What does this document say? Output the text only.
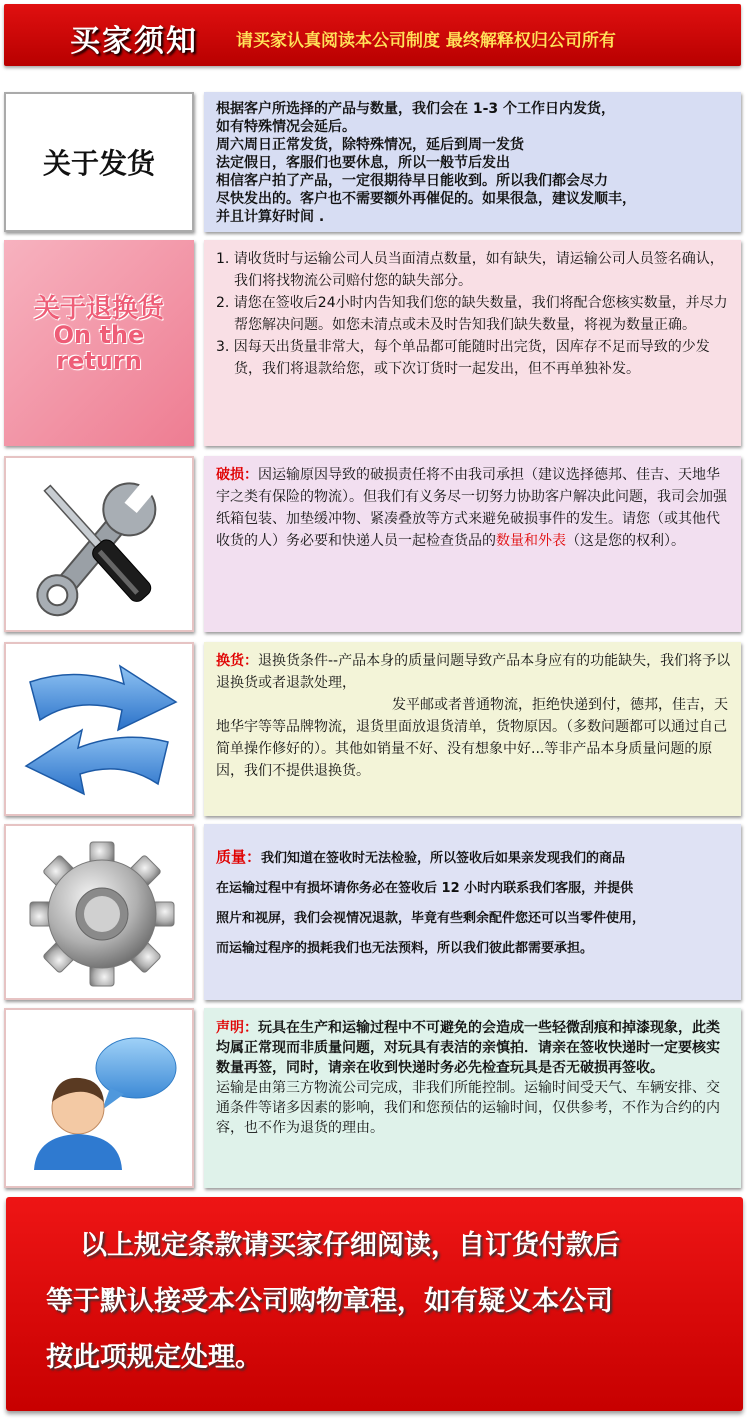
买家须知 请买家认真阅读本公司制度 最终解释权归公司所有
关于发货

根据客户所选择的产品与数量，我们会在 1-3 个工作日内发货，

如有特殊情况会延后。

周六周日正常发货，除特殊情况，延后到周一发货

法定假日，客服们也要休息，所以一般节后发出

相信客户拍了产品，一定很期待早日能收到。所以我们都会尽力

尽快发出的。客户也不需要额外再催促的。如果很急，建议发顺丰，

并且计算好时间 .

关于退换货
On the
return

1. 请收货时与运输公司人员当面清点数量，如有缺失，请运输公司人员签名确认，我们将找物流公司赔付您的缺失部分。

2. 请您在签收后24小时内告知我们您的缺失数量，我们将配合您核实数量，并尽力帮您解决问题。如您未清点或未及时告知我们缺失数量，将视为数量正确。

3. 因每天出货量非常大，每个单品都可能随时出完货，因库存不足而导致的少发货，我们将退款给您，或下次订货时一起发出，但不再单独补发。

破损：因运输原因导致的破损责任将不由我司承担（建议选择德邦、佳吉、天地华宇之类有保险的物流）。但我们有义务尽一切努力协助客户解决此问题，我司会加强纸箱包装、加垫缓冲物、紧凑叠放等方式来避免破损事件的发生。请您（或其他代收货的人）务必要和快递人员一起检查货品的数量和外表（这是您的权利）。

换货：退换货条件--产品本身的质量问题导致产品本身应有的功能缺失，我们将予以退换货或者退款处理，

发平邮或者普通物流，拒绝快递到付，德邦，佳吉，天地华宇等等品牌物流，退货里面放退货清单，货物原因。（多数问题都可以通过自己简单操作修好的）。其他如销量不好、没有想象中好...等非产品本身质量问题的原因，我们不提供退换货。

质量：我们知道在签收时无法检验，所以签收后如果亲发现我们的商品

在运输过程中有损坏请你务必在签收后 12 小时内联系我们客服，并提供

照片和视屏，我们会视情况退款，毕竟有些剩余配件您还可以当零件使用，

而运输过程序的损耗我们也无法预料，所以我们彼此都需要承担。

声明：玩具在生产和运输过程中不可避免的会造成一些轻微刮痕和掉漆现象，此类均属正常现而非质量问题，对玩具有表洁的亲慎拍．请亲在签收快递时一定要核实数量再签，同时，请亲在收到快递时务必先检查玩具是否无破损再签收。

运输是由第三方物流公司完成，非我们所能控制。运输时间受天气、车辆安排、交通条件等诸多因素的影响，我们和您预估的运输时间，仅供参考，不作为合约的内容，也不作为退货的理由。

以上规定条款请买家仔细阅读，自订货付款后
等于默认接受本公司购物章程，如有疑义本公司
按此项规定处理。
